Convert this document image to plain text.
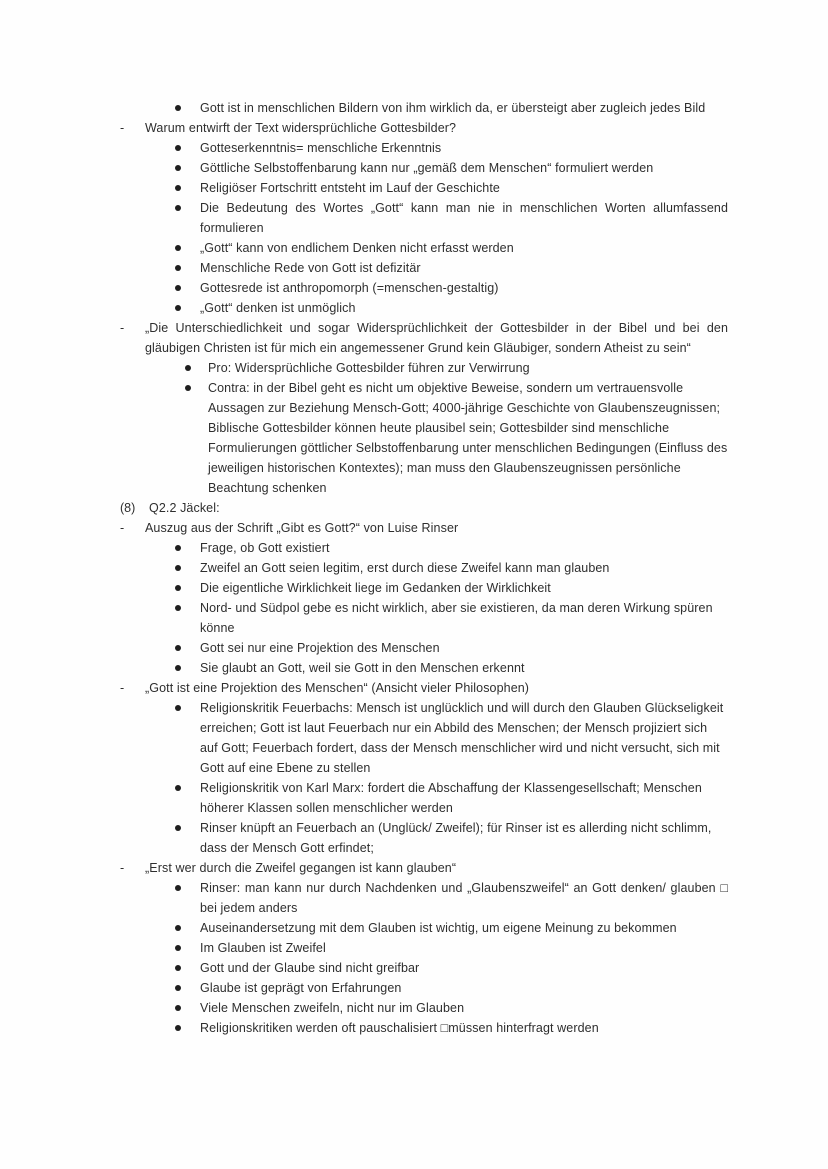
Gott ist in menschlichen Bildern von ihm wirklich da, er übersteigt aber zugleich jedes Bild
-	Warum entwirft der Text widersprüchliche Gottesbilder?
Gotteserkenntnis= menschliche Erkenntnis
Göttliche Selbstoffenbarung kann nur „gemäß dem Menschen“ formuliert werden
Religiöser Fortschritt entsteht im Lauf der Geschichte
Die Bedeutung des Wortes „Gott“ kann man nie in menschlichen Worten allumfassend formulieren
„Gott“ kann von endlichem Denken nicht erfasst werden
Menschliche Rede von Gott ist defizitär
Gottesrede ist anthropomorph (=menschen-gestaltig)
„Gott“ denken ist unmöglich
-	„Die Unterschiedlichkeit und sogar Widersprüchlichkeit der Gottesbilder in der Bibel und bei den gläubigen Christen ist für mich ein angemessener Grund kein Gläubiger, sondern Atheist zu sein“
Pro: Widersprüchliche Gottesbilder führen zur Verwirrung
Contra: in der Bibel geht es nicht um objektive Beweise, sondern um vertrauensvolle Aussagen zur Beziehung Mensch-Gott; 4000-jährige Geschichte von Glaubenszeugnissen; Biblische Gottesbilder können heute plausibel sein; Gottesbilder sind menschliche Formulierungen göttlicher Selbstoffenbarung unter menschlichen Bedingungen (Einfluss des jeweiligen historischen Kontextes); man muss den Glaubenszeugnissen persönliche Beachtung schenken
(8)	Q2.2 Jäckel:
-	Auszug aus der Schrift „Gibt es Gott?“ von Luise Rinser
Frage, ob Gott existiert
Zweifel an Gott seien legitim, erst durch diese Zweifel kann man glauben
Die eigentliche Wirklichkeit liege im Gedanken der Wirklichkeit
Nord- und Südpol gebe es nicht wirklich, aber sie existieren, da man deren Wirkung spüren könne
Gott sei nur eine Projektion des Menschen
Sie glaubt an Gott, weil sie Gott in den Menschen erkennt
-	„Gott ist eine Projektion des Menschen“ (Ansicht vieler Philosophen)
Religionskritik Feuerbachs: Mensch ist unglücklich und will durch den Glauben Glückseligkeit erreichen; Gott ist laut Feuerbach nur ein Abbild des Menschen; der Mensch projiziert sich auf Gott; Feuerbach fordert, dass der Mensch menschlicher wird und nicht versucht, sich mit Gott auf eine Ebene zu stellen
Religionskritik von Karl Marx: fordert die Abschaffung der Klassengesellschaft; Menschen höherer Klassen sollen menschlicher werden
Rinser knüpft an Feuerbach an (Unglück/ Zweifel); für Rinser ist es allerding nicht schlimm, dass der Mensch Gott erfindet;
-	„Erst wer durch die Zweifel gegangen ist kann glauben“
Rinser: man kann nur durch Nachdenken und „Glaubenszweifel“ an Gott denken/ glauben □ bei jedem anders
Auseinandersetzung mit dem Glauben ist wichtig, um eigene Meinung zu bekommen
Im Glauben ist Zweifel
Gott und der Glaube sind nicht greifbar
Glaube ist geprägt von Erfahrungen
Viele Menschen zweifeln, nicht nur im Glauben
Religionskritiken werden oft pauschalisiert □müssen hinterfragt werden
